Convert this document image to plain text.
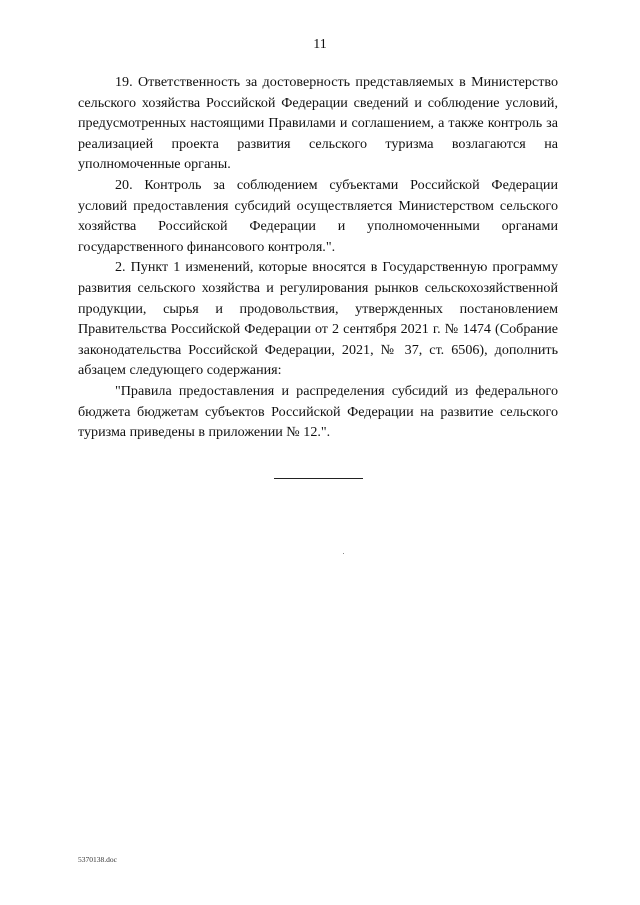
11

19. Ответственность за достоверность представляемых в Министерство сельского хозяйства Российской Федерации сведений и соблюдение условий, предусмотренных настоящими Правилами и соглашением, а также контроль за реализацией проекта развития сельского туризма возлагаются на уполномоченные органы.

20. Контроль за соблюдением субъектами Российской Федерации условий предоставления субсидий осуществляется Министерством сельского хозяйства Российской Федерации и уполномоченными органами государственного финансового контроля.".

2. Пункт 1 изменений, которые вносятся в Государственную программу развития сельского хозяйства и регулирования рынков сельскохозяйственной продукции, сырья и продовольствия, утвержденных постановлением Правительства Российской Федерации от 2 сентября 2021 г. № 1474 (Собрание законодательства Российской Федерации, 2021, № 37, ст. 6506), дополнить абзацем следующего содержания:

"Правила предоставления и распределения субсидий из федерального бюджета бюджетам субъектов Российской Федерации на развитие сельского туризма приведены в приложении № 12.".

5370138.doc
